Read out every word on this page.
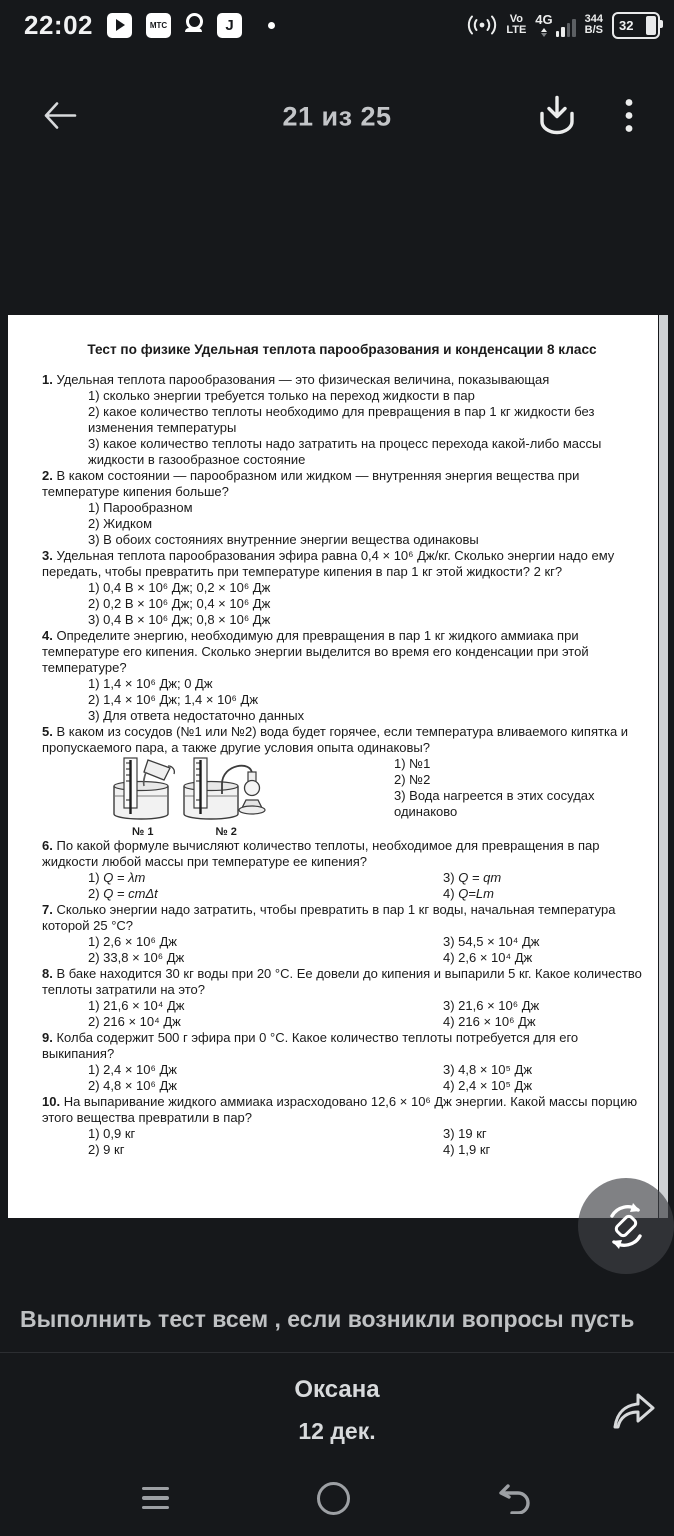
22:02	МТС	J	Vo
LTE
4G	344
B/S 32
21 из 25
Тест по физике Удельная теплота парообразования и конденсации 8 класс
1. Удельная теплота парообразования — это физическая величина, показывающая
1) сколько энергии требуется только на переход жидкости в пар
2) какое количество теплоты необходимо для превращения в пар 1 кг жидкости без изменения температуры
3) какое количество теплоты надо затратить на процесс перехода какой-либо массы жидкости в газообразное состояние
2. В каком состоянии — парообразном или жидком — внутренняя энергия вещества при температуре кипения больше?
1) Парообразном
2) Жидком
3) В обоих состояниях внутренние энергии вещества одинаковы
3. Удельная теплота парообразования эфира равна 0,4 × 10⁶ Дж/кг. Сколько энергии надо ему передать, чтобы превратить при температуре кипения в пар 1 кг этой жидкости? 2 кг?
1) 0,4 В × 10⁶ Дж; 0,2 × 10⁶ Дж
2) 0,2 В × 10⁶ Дж; 0,4 × 10⁶ Дж
3) 0,4 В × 10⁶ Дж; 0,8 × 10⁶ Дж
4. Определите энергию, необходимую для превращения в пар 1 кг жидкого аммиака при температуре его кипения. Сколько энергии выделится во время его конденсации при этой температуре?
1) 1,4 × 10⁶ Дж; 0 Дж
2) 1,4 × 10⁶ Дж; 1,4 × 10⁶ Дж
3) Для ответа недостаточно данных
5. В каком из сосудов (№1 или №2) вода будет горячее, если температура вливаемого кипятка и пропускаемого пара, а также другие условия опыта одинаковы?
№ 1	№ 2
1) №1
2) №2
3) Вода нагреется в этих сосудах одинаково
6. По какой формуле вычисляют количество теплоты, необходимое для превращения в пар жидкости любой массы при температуре ее кипения?
1) Q = λm
2) Q = cmΔt
3) Q = qm
4) Q=Lm
7. Сколько энергии надо затратить, чтобы превратить в пар 1 кг воды, начальная температура которой 25 °С?
1) 2,6 × 10⁶ Дж
2) 33,8 × 10⁶ Дж
3) 54,5 × 10⁴ Дж
4) 2,6 × 10⁴ Дж
8. В баке находится 30 кг воды при 20 °С. Ее довели до кипения и выпарили 5 кг. Какое количество теплоты затратили на это?
1) 21,6 × 10⁴ Дж
2) 216 × 10⁴ Дж
3) 21,6 × 10⁶ Дж
4) 216 × 10⁶ Дж
9. Колба содержит 500 г эфира при 0 °С. Какое количество теплоты потребуется для его выкипания?
1) 2,4 × 10⁶ Дж
2) 4,8 × 10⁶ Дж
3) 4,8 × 10⁵ Дж
4) 2,4 × 10⁵ Дж
10. На выпаривание жидкого аммиака израсходовано 12,6 × 10⁶ Дж энергии. Какой массы порцию этого вещества превратили в пар?
1) 0,9 кг
2) 9 кг
3) 19 кг
4) 1,9 кг
Выполнить тест всем , если возникли вопросы пусть
Оксана
12 дек.
